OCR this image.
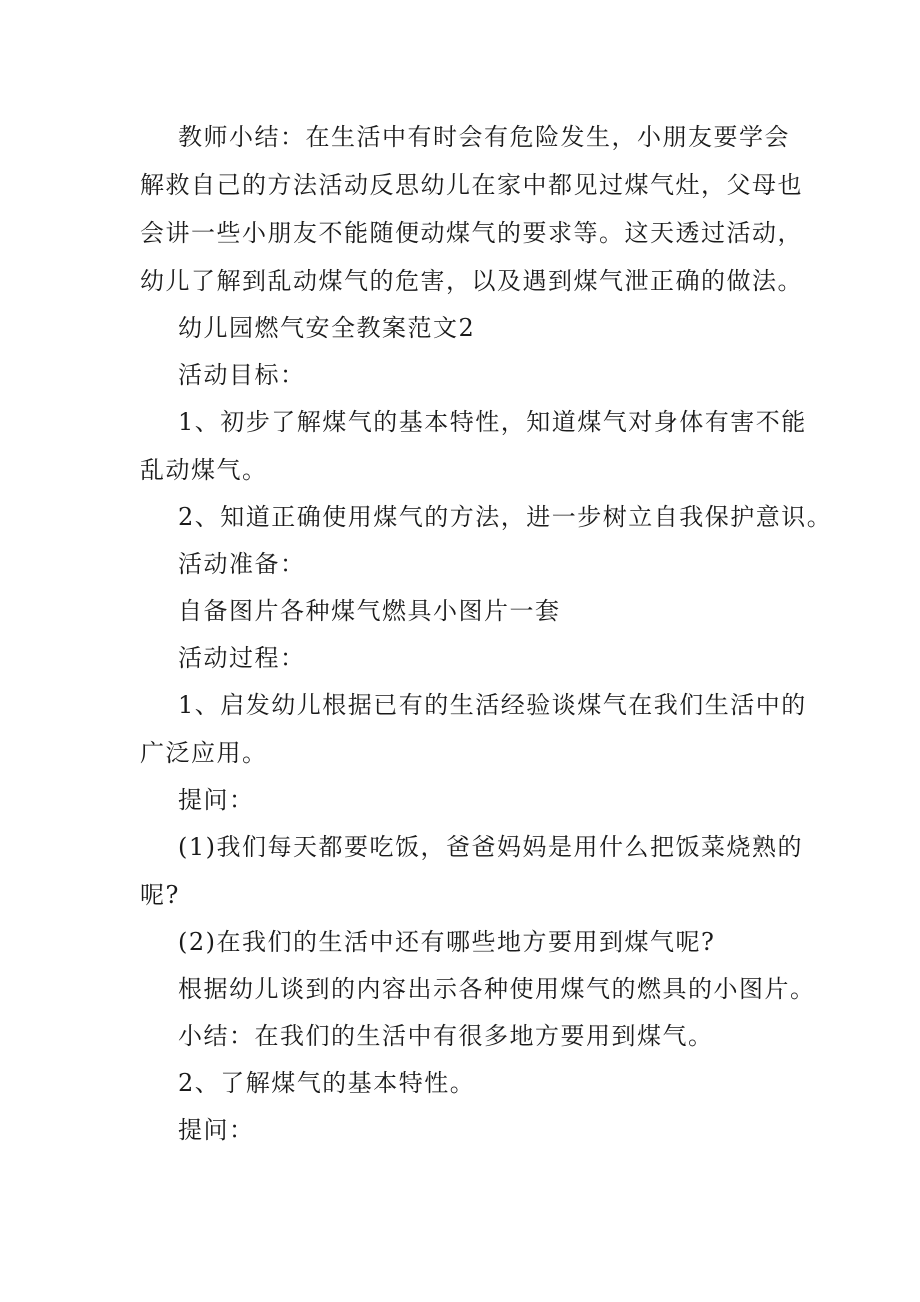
教师小结：在生活中有时会有危险发生，小朋友要学会
解救自己的方法活动反思幼儿在家中都见过煤气灶，父母也
会讲一些小朋友不能随便动煤气的要求等。这天透过活动，
幼儿了解到乱动煤气的危害，以及遇到煤气泄正确的做法。
幼儿园燃气安全教案范文2
活动目标：
1、初步了解煤气的基本特性，知道煤气对身体有害不能
乱动煤气。
2、知道正确使用煤气的方法，进一步树立自我保护意识。
活动准备：
自备图片各种煤气燃具小图片一套
活动过程：
1、启发幼儿根据已有的生活经验谈煤气在我们生活中的
广泛应用。
提问：
(1)我们每天都要吃饭，爸爸妈妈是用什么把饭菜烧熟的
呢?
(2)在我们的生活中还有哪些地方要用到煤气呢?
根据幼儿谈到的内容出示各种使用煤气的燃具的小图片。
小结：在我们的生活中有很多地方要用到煤气。
2、了解煤气的基本特性。
提问：
